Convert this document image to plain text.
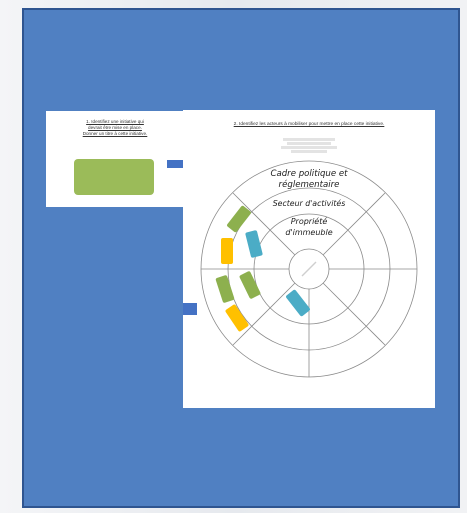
1. Identifiez une initiative qui
devrait être mise en place.
Donner un titre à cette initiative.
2. Identifiez les acteurs à mobiliser pour mettre en place cette initiative.
Cadre politique et
réglementaire
Secteur d'activités
Propriété
d'immeuble
